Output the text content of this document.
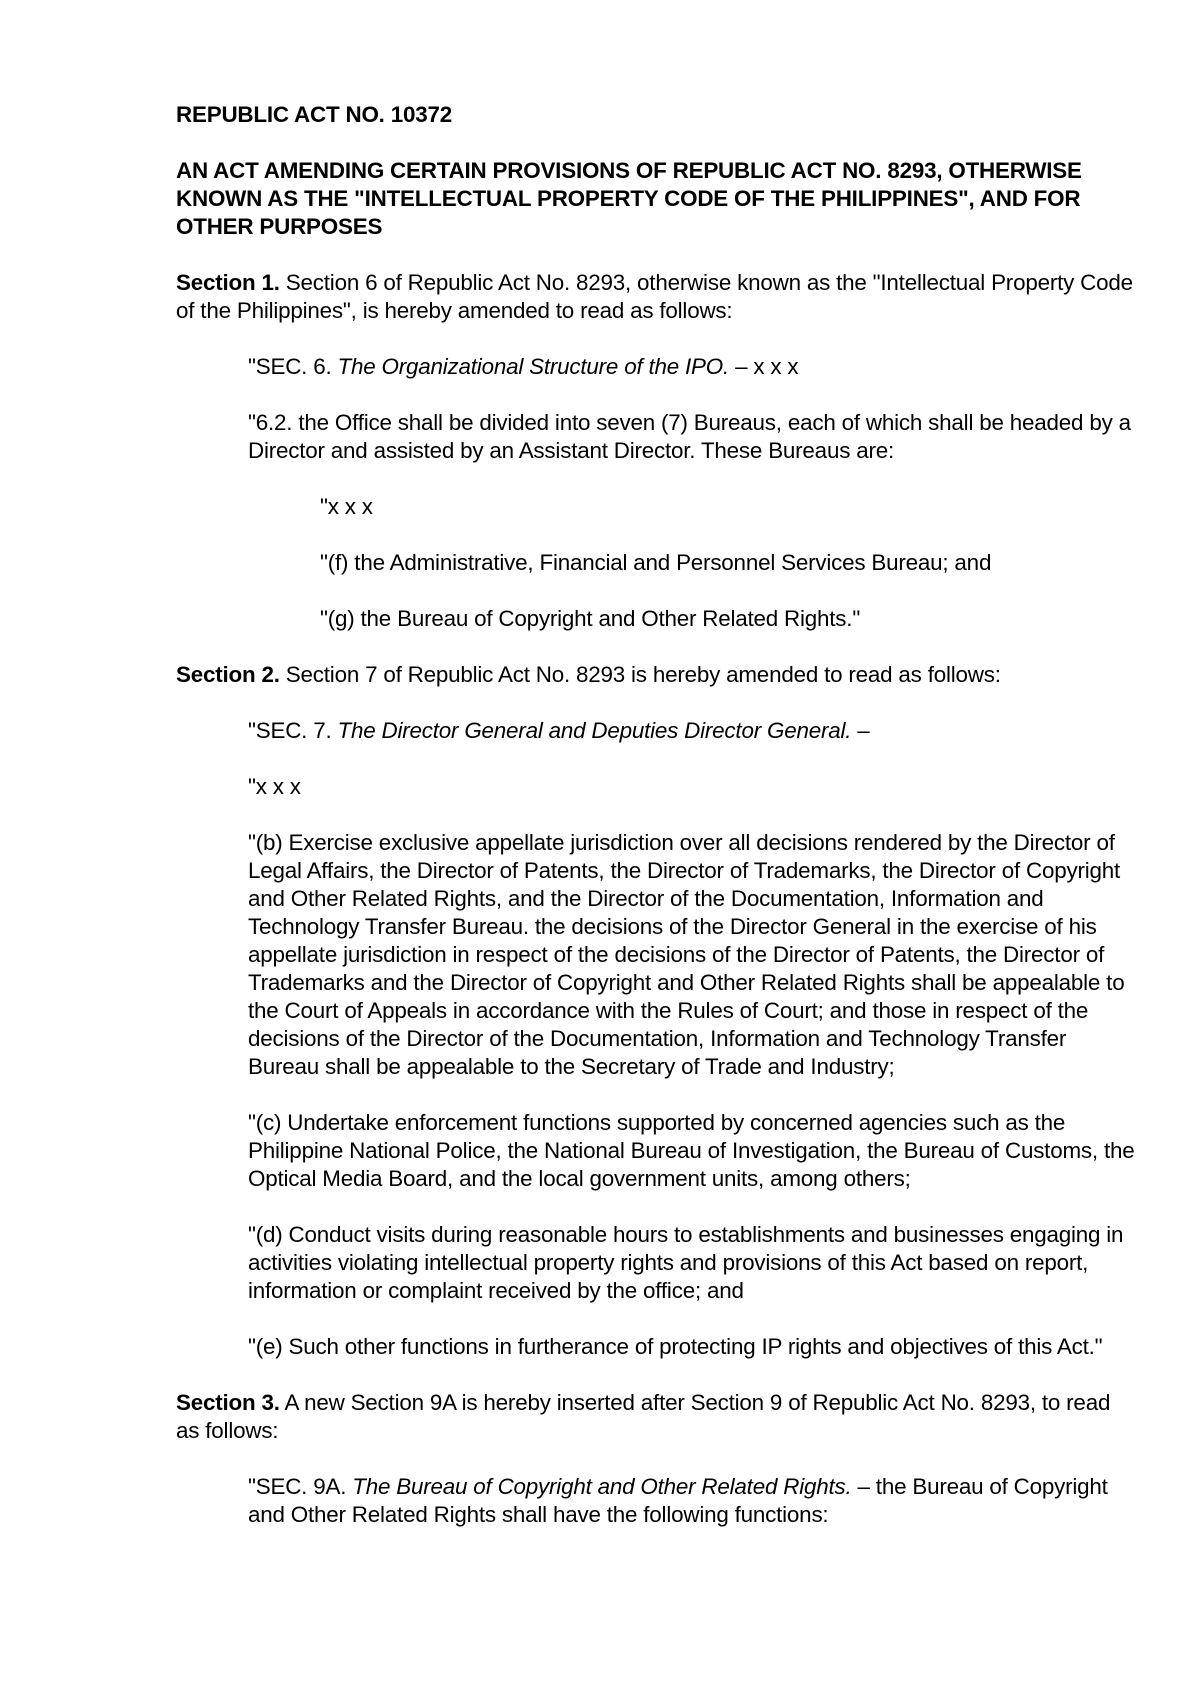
REPUBLIC ACT NO. 10372

AN ACT AMENDING CERTAIN PROVISIONS OF REPUBLIC ACT NO. 8293, OTHERWISE KNOWN AS THE "INTELLECTUAL PROPERTY CODE OF THE PHILIPPINES", AND FOR OTHER PURPOSES

Section 1. Section 6 of Republic Act No. 8293, otherwise known as the "Intellectual Property Code of the Philippines", is hereby amended to read as follows:

"SEC. 6. The Organizational Structure of the IPO. – x x x

"6.2. the Office shall be divided into seven (7) Bureaus, each of which shall be headed by a Director and assisted by an Assistant Director. These Bureaus are:

"x x x

"(f) the Administrative, Financial and Personnel Services Bureau; and

"(g) the Bureau of Copyright and Other Related Rights."

Section 2. Section 7 of Republic Act No. 8293 is hereby amended to read as follows:

"SEC. 7. The Director General and Deputies Director General. –

"x x x

"(b) Exercise exclusive appellate jurisdiction over all decisions rendered by the Director of Legal Affairs, the Director of Patents, the Director of Trademarks, the Director of Copyright and Other Related Rights, and the Director of the Documentation, Information and Technology Transfer Bureau. the decisions of the Director General in the exercise of his appellate jurisdiction in respect of the decisions of the Director of Patents, the Director of Trademarks and the Director of Copyright and Other Related Rights shall be appealable to the Court of Appeals in accordance with the Rules of Court; and those in respect of the decisions of the Director of the Documentation, Information and Technology Transfer Bureau shall be appealable to the Secretary of Trade and Industry;

"(c) Undertake enforcement functions supported by concerned agencies such as the Philippine National Police, the National Bureau of Investigation, the Bureau of Customs, the Optical Media Board, and the local government units, among others;

"(d) Conduct visits during reasonable hours to establishments and businesses engaging in activities violating intellectual property rights and provisions of this Act based on report, information or complaint received by the office; and

"(e) Such other functions in furtherance of protecting IP rights and objectives of this Act."

Section 3. A new Section 9A is hereby inserted after Section 9 of Republic Act No. 8293, to read as follows:

"SEC. 9A. The Bureau of Copyright and Other Related Rights. – the Bureau of Copyright and Other Related Rights shall have the following functions:
